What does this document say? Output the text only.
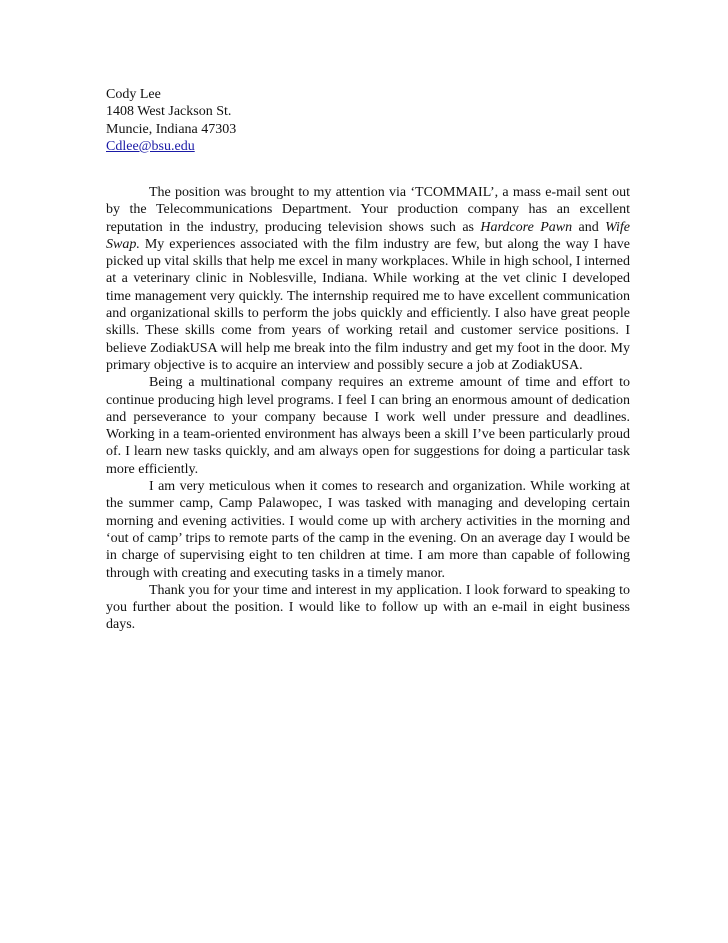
Cody Lee
1408 West Jackson St.
Muncie, Indiana 47303
Cdlee@bsu.edu

The position was brought to my attention via ‘TCOMMAIL’, a mass e-mail sent out by the Telecommunications Department. Your production company has an excellent reputation in the industry, producing television shows such as Hardcore Pawn and Wife Swap. My experiences associated with the film industry are few, but along the way I have picked up vital skills that help me excel in many workplaces. While in high school, I interned at a veterinary clinic in Noblesville, Indiana. While working at the vet clinic I developed time management very quickly. The internship required me to have excellent communication and organizational skills to perform the jobs quickly and efficiently. I also have great people skills. These skills come from years of working retail and customer service positions. I believe ZodiakUSA will help me break into the film industry and get my foot in the door. My primary objective is to acquire an interview and possibly secure a job at ZodiakUSA.

Being a multinational company requires an extreme amount of time and effort to continue producing high level programs. I feel I can bring an enormous amount of dedication and perseverance to your company because I work well under pressure and deadlines. Working in a team-oriented environment has always been a skill I’ve been particularly proud of. I learn new tasks quickly, and am always open for suggestions for doing a particular task more efficiently.

I am very meticulous when it comes to research and organization. While working at the summer camp, Camp Palawopec, I was tasked with managing and developing certain morning and evening activities. I would come up with archery activities in the morning and ‘out of camp’ trips to remote parts of the camp in the evening. On an average day I would be in charge of supervising eight to ten children at time. I am more than capable of following through with creating and executing tasks in a timely manor.

Thank you for your time and interest in my application. I look forward to speaking to you further about the position. I would like to follow up with an e-mail in eight business days.
